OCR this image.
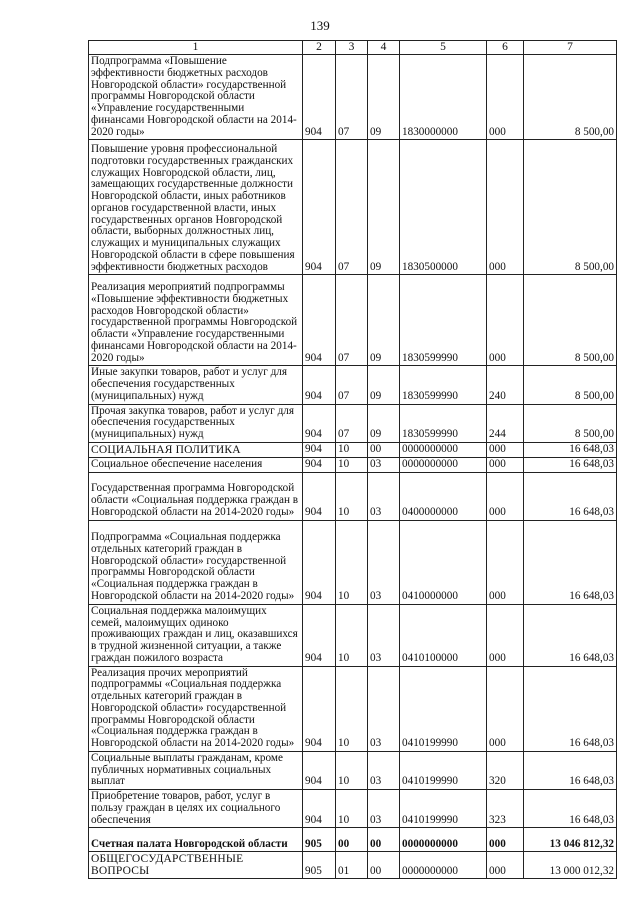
139
1	2	3	4	5	6	7
Подпрограмма «Повышение эффективности бюджетных расходов Новгородской области» государственной программы Новгородской области «Управление государственными финансами Новгородской области на 2014-2020 годы»	904	07	09	1830000000	000	8 500,00
Повышение уровня профессиональной подготовки государственных гражданских служащих Новгородской области, лиц, замещающих государственные должности Новгородской области, иных работников органов государственной власти, иных государственных органов Новгородской области, выборных должностных лиц, служащих и муниципальных служащих Новгородской области в сфере повышения эффективности бюджетных расходов	904	07	09	1830500000	000	8 500,00
Реализация мероприятий подпрограммы «Повышение эффективности бюджетных расходов Новгородской области» государственной программы Новгородской области «Управление государственными финансами Новгородской области на 2014-2020 годы»	904	07	09	1830599990	000	8 500,00
Иные закупки товаров, работ и услуг для обеспечения государственных (муниципальных) нужд	904	07	09	1830599990	240	8 500,00
Прочая закупка товаров, работ и услуг для обеспечения государственных (муниципальных) нужд	904	07	09	1830599990	244	8 500,00
СОЦИАЛЬНАЯ ПОЛИТИКА	904	10	00	0000000000	000	16 648,03
Социальное обеспечение населения	904	10	03	0000000000	000	16 648,03
Государственная программа Новгородской области «Социальная поддержка граждан в Новгородской области на 2014-2020 годы»	904	10	03	0400000000	000	16 648,03
Подпрограмма «Социальная поддержка отдельных категорий граждан в Новгородской области» государственной программы Новгородской области «Социальная поддержка граждан в Новгородской области на 2014-2020 годы»	904	10	03	0410000000	000	16 648,03
Социальная поддержка малоимущих семей, малоимущих одиноко проживающих граждан и лиц, оказавшихся в трудной жизненной ситуации, а также граждан пожилого возраста	904	10	03	0410100000	000	16 648,03
Реализация прочих мероприятий подпрограммы «Социальная поддержка отдельных категорий граждан в Новгородской области» государственной программы Новгородской области «Социальная поддержка граждан в Новгородской области на 2014-2020 годы»	904	10	03	0410199990	000	16 648,03
Социальные выплаты гражданам, кроме публичных нормативных социальных выплат	904	10	03	0410199990	320	16 648,03
Приобретение товаров, работ, услуг в пользу граждан в целях их социального обеспечения	904	10	03	0410199990	323	16 648,03
Счетная палата Новгородской области	905	00	00	0000000000	000	13 046 812,32
ОБЩЕГОСУДАРСТВЕННЫЕ ВОПРОСЫ	905	01	00	0000000000	000	13 000 012,32
